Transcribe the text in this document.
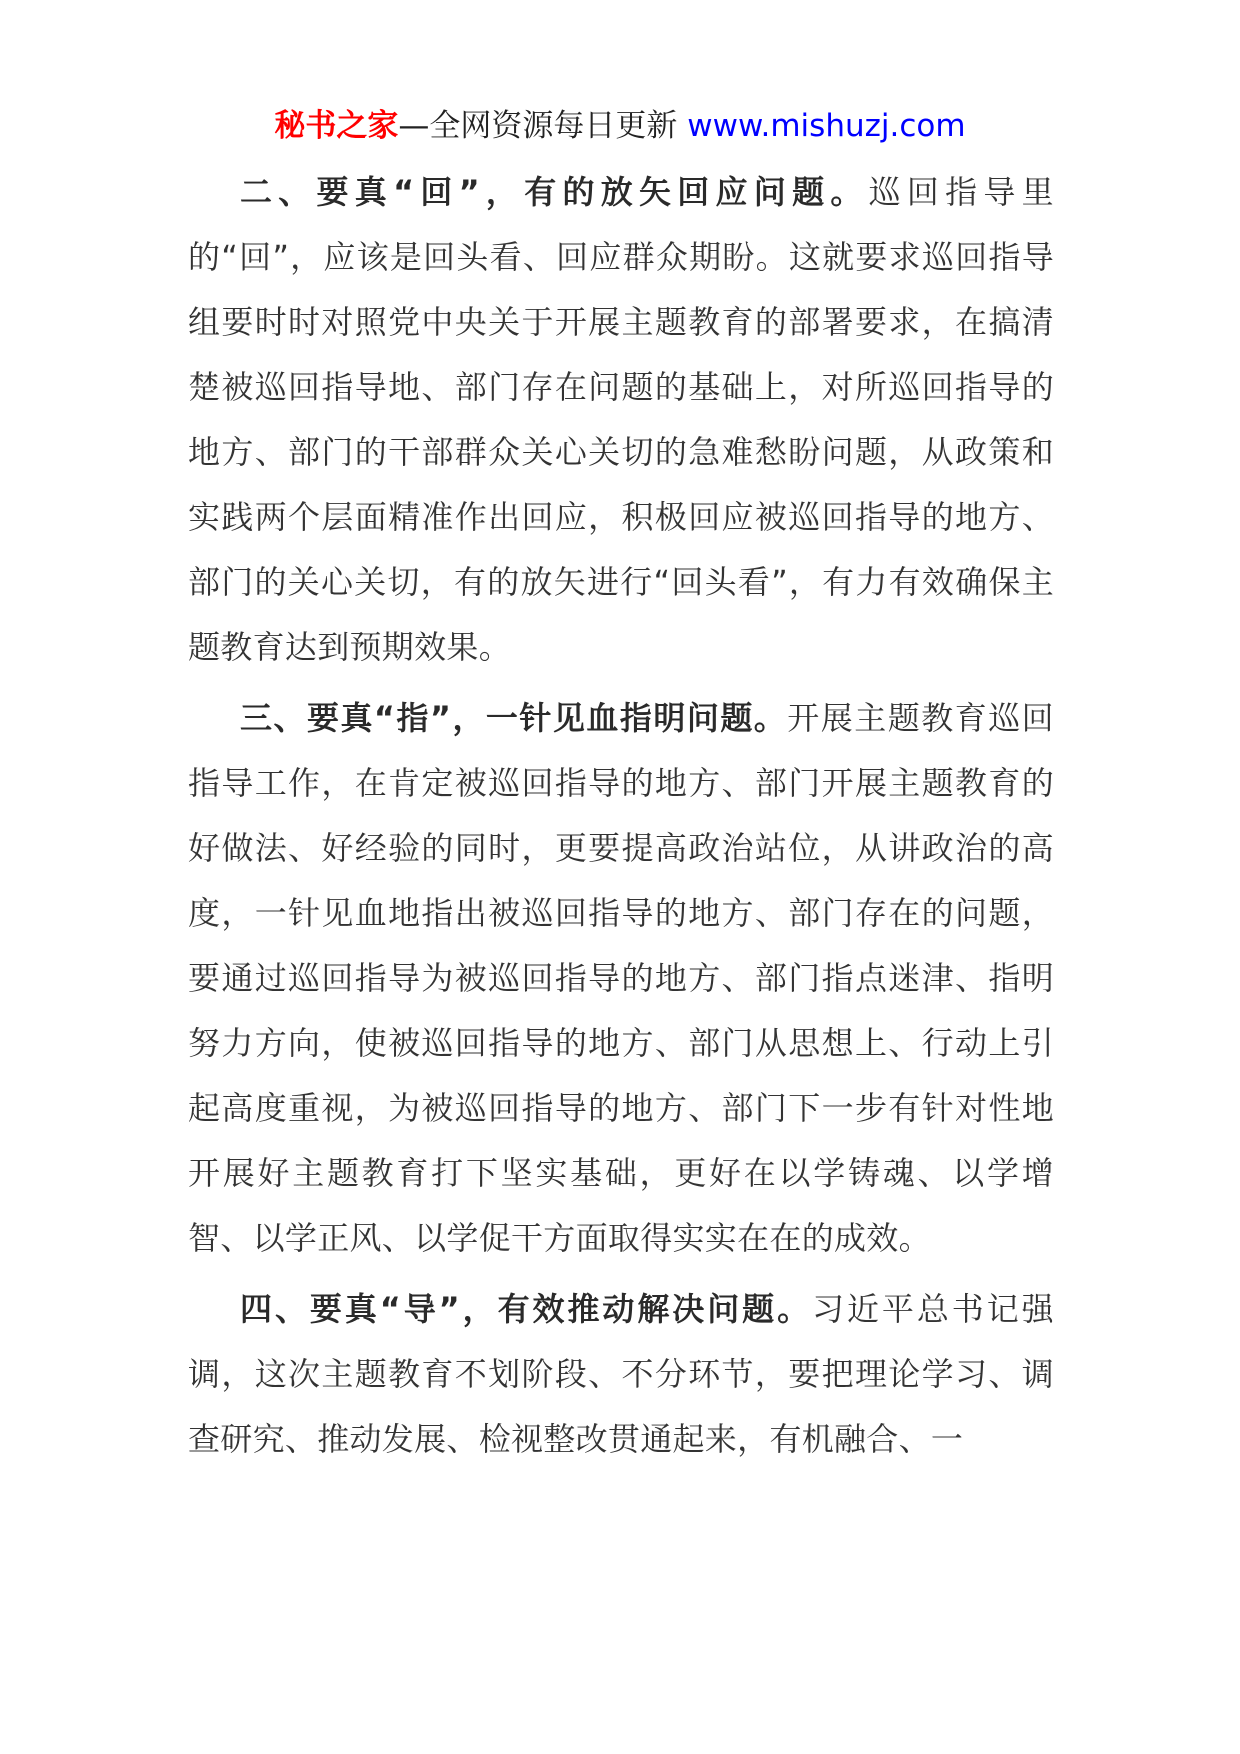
秘书之家—全网资源每日更新 www.mishuzj.com

二、要真“回”，有的放矢回应问题。巡回指导里的“回”，应该是回头看、回应群众期盼。这就要求巡回指导组要时时对照党中央关于开展主题教育的部署要求，在搞清楚被巡回指导地、部门存在问题的基础上，对所巡回指导的地方、部门的干部群众关心关切的急难愁盼问题，从政策和实践两个层面精准作出回应，积极回应被巡回指导的地方、部门的关心关切，有的放矢进行“回头看”，有力有效确保主题教育达到预期效果。

三、要真“指”，一针见血指明问题。开展主题教育巡回指导工作，在肯定被巡回指导的地方、部门开展主题教育的好做法、好经验的同时，更要提高政治站位，从讲政治的高度，一针见血地指出被巡回指导的地方、部门存在的问题，要通过巡回指导为被巡回指导的地方、部门指点迷津、指明努力方向，使被巡回指导的地方、部门从思想上、行动上引起高度重视，为被巡回指导的地方、部门下一步有针对性地开展好主题教育打下坚实基础，更好在以学铸魂、以学增智、以学正风、以学促干方面取得实实在在的成效。

四、要真“导”，有效推动解决问题。习近平总书记强调，这次主题教育不划阶段、不分环节，要把理论学习、调查研究、推动发展、检视整改贯通起来，有机融合、一
